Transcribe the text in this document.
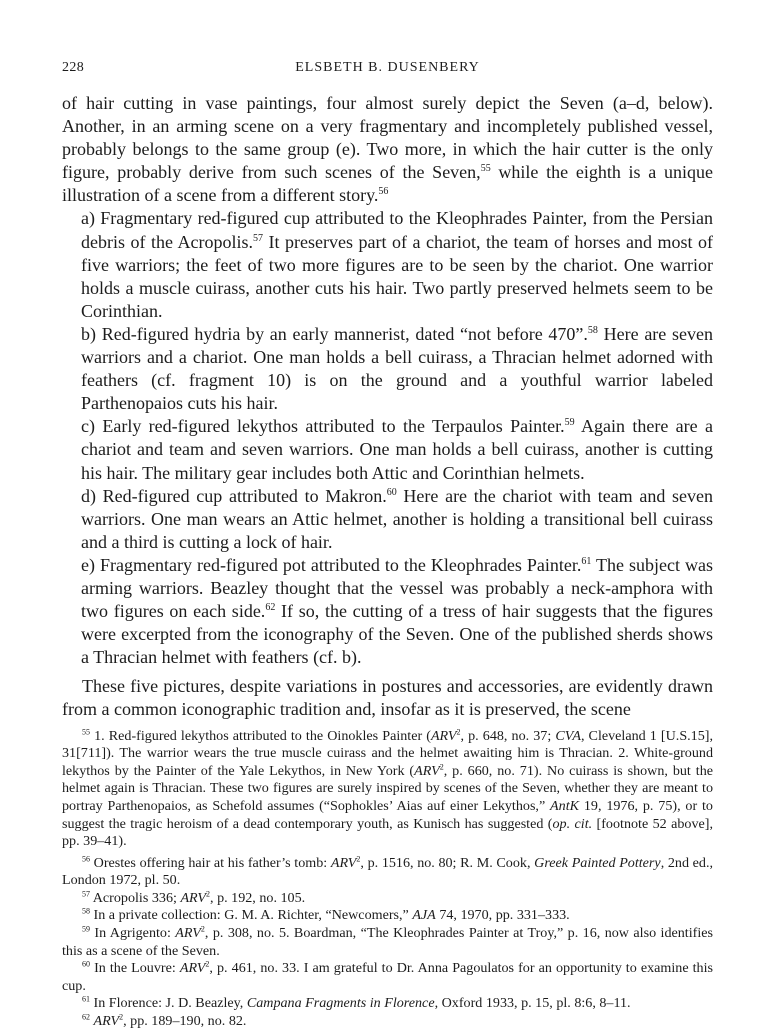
228	ELSBETH B. DUSENBERY

of hair cutting in vase paintings, four almost surely depict the Seven (a–d, below). Another, in an arming scene on a very fragmentary and incompletely published vessel, probably belongs to the same group (e). Two more, in which the hair cutter is the only figure, probably derive from such scenes of the Seven,$^{55}$ while the eighth is a unique illustration of a scene from a different story.$^{56}$

a) Fragmentary red-figured cup attributed to the Kleophrades Painter, from the Persian debris of the Acropolis.$^{57}$ It preserves part of a chariot, the team of horses and most of five warriors; the feet of two more figures are to be seen by the chariot. One warrior holds a muscle cuirass, another cuts his hair. Two partly preserved helmets seem to be Corinthian.

b) Red-figured hydria by an early mannerist, dated “not before 470”.$^{58}$ Here are seven warriors and a chariot. One man holds a bell cuirass, a Thracian helmet adorned with feathers (cf. fragment 10) is on the ground and a youthful warrior labeled Parthenopaios cuts his hair.

c) Early red-figured lekythos attributed to the Terpaulos Painter.$^{59}$ Again there are a chariot and team and seven warriors. One man holds a bell cuirass, another is cutting his hair. The military gear includes both Attic and Corinthian helmets.

d) Red-figured cup attributed to Makron.$^{60}$ Here are the chariot with team and seven warriors. One man wears an Attic helmet, another is holding a transitional bell cuirass and a third is cutting a lock of hair.

e) Fragmentary red-figured pot attributed to the Kleophrades Painter.$^{61}$ The subject was arming warriors. Beazley thought that the vessel was probably a neck-amphora with two figures on each side.$^{62}$ If so, the cutting of a tress of hair suggests that the figures were excerpted from the iconography of the Seven. One of the published sherds shows a Thracian helmet with feathers (cf. b).

These five pictures, despite variations in postures and accessories, are evidently drawn from a common iconographic tradition and, insofar as it is preserved, the scene

$^{55}$ 1. Red-figured lekythos attributed to the Oinokles Painter (ARV$^2$, p. 648, no. 37; CVA, Cleveland 1 [U.S.15], 31[711]). The warrior wears the true muscle cuirass and the helmet awaiting him is Thracian. 2. White-ground lekythos by the Painter of the Yale Lekythos, in New York (ARV$^2$, p. 660, no. 71). No cuirass is shown, but the helmet again is Thracian. These two figures are surely inspired by scenes of the Seven, whether they are meant to portray Parthenopaios, as Schefold assumes (“Sophokles’ Aias auf einer Lekythos,” AntK 19, 1976, p. 75), or to suggest the tragic heroism of a dead contemporary youth, as Kunisch has suggested (op. cit. [footnote 52 above], pp. 39–41).

$^{56}$ Orestes offering hair at his father’s tomb: ARV$^2$, p. 1516, no. 80; R. M. Cook, Greek Painted Pottery, 2nd ed., London 1972, pl. 50.

$^{57}$ Acropolis 336; ARV$^2$, p. 192, no. 105.

$^{58}$ In a private collection: G. M. A. Richter, “Newcomers,” AJA 74, 1970, pp. 331–333.

$^{59}$ In Agrigento: ARV$^2$, p. 308, no. 5. Boardman, “The Kleophrades Painter at Troy,” p. 16, now also identifies this as a scene of the Seven.

$^{60}$ In the Louvre: ARV$^2$, p. 461, no. 33. I am grateful to Dr. Anna Pagoulatos for an opportunity to examine this cup.

$^{61}$ In Florence: J. D. Beazley, Campana Fragments in Florence, Oxford 1933, p. 15, pl. 8:6, 8–11.

$^{62}$ ARV$^2$, pp. 189–190, no. 82.
